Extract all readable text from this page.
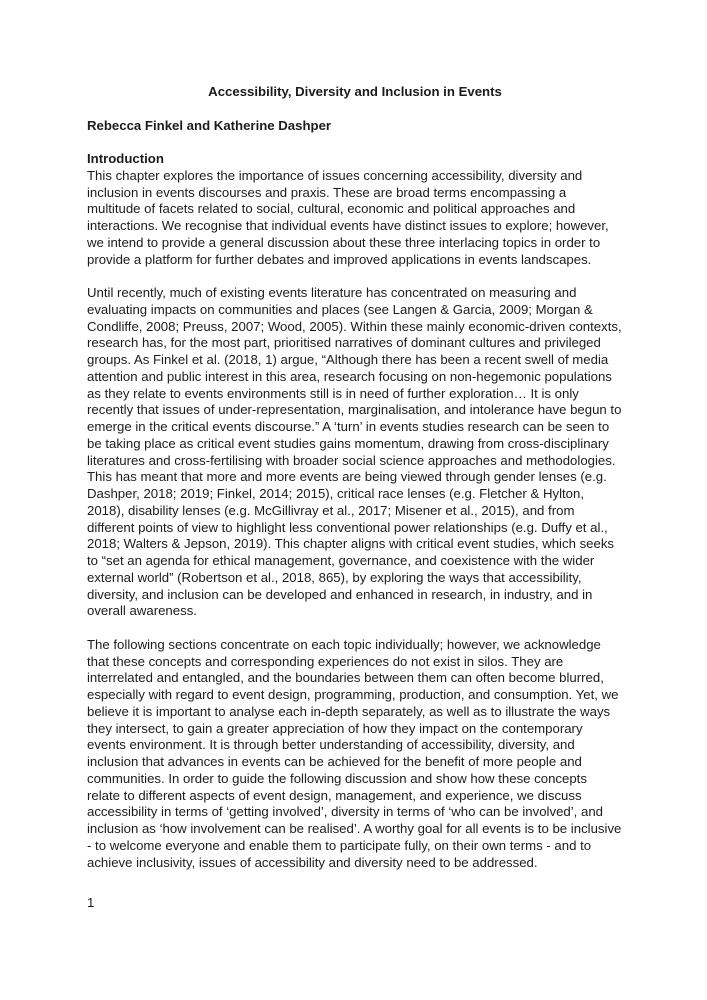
Accessibility, Diversity and Inclusion in Events
Rebecca Finkel and Katherine Dashper
Introduction

This chapter explores the importance of issues concerning accessibility, diversity and inclusion in events discourses and praxis. These are broad terms encompassing a multitude of facets related to social, cultural, economic and political approaches and interactions. We recognise that individual events have distinct issues to explore; however, we intend to provide a general discussion about these three interlacing topics in order to provide a platform for further debates and improved applications in events landscapes.

Until recently, much of existing events literature has concentrated on measuring and evaluating impacts on communities and places (see Langen & Garcia, 2009; Morgan & Condliffe, 2008; Preuss, 2007; Wood, 2005). Within these mainly economic-driven contexts, research has, for the most part, prioritised narratives of dominant cultures and privileged groups. As Finkel et al. (2018, 1) argue, “Although there has been a recent swell of media attention and public interest in this area, research focusing on non-hegemonic populations as they relate to events environments still is in need of further exploration… It is only recently that issues of under-representation, marginalisation, and intolerance have begun to emerge in the critical events discourse.” A ‘turn’ in events studies research can be seen to be taking place as critical event studies gains momentum, drawing from cross-disciplinary literatures and cross-fertilising with broader social science approaches and methodologies. This has meant that more and more events are being viewed through gender lenses (e.g. Dashper, 2018; 2019; Finkel, 2014; 2015), critical race lenses (e.g. Fletcher & Hylton, 2018), disability lenses (e.g. McGillivray et al., 2017; Misener et al., 2015), and from different points of view to highlight less conventional power relationships (e.g. Duffy et al., 2018; Walters & Jepson, 2019). This chapter aligns with critical event studies, which seeks to “set an agenda for ethical management, governance, and coexistence with the wider external world” (Robertson et al., 2018, 865), by exploring the ways that accessibility, diversity, and inclusion can be developed and enhanced in research, in industry, and in overall awareness.

The following sections concentrate on each topic individually; however, we acknowledge that these concepts and corresponding experiences do not exist in silos. They are interrelated and entangled, and the boundaries between them can often become blurred, especially with regard to event design, programming, production, and consumption. Yet, we believe it is important to analyse each in-depth separately, as well as to illustrate the ways they intersect, to gain a greater appreciation of how they impact on the contemporary events environment. It is through better understanding of accessibility, diversity, and inclusion that advances in events can be achieved for the benefit of more people and communities. In order to guide the following discussion and show how these concepts relate to different aspects of event design, management, and experience, we discuss accessibility in terms of ‘getting involved’, diversity in terms of ‘who can be involved’, and inclusion as ‘how involvement can be realised’. A worthy goal for all events is to be inclusive - to welcome everyone and enable them to participate fully, on their own terms - and to achieve inclusivity, issues of accessibility and diversity need to be addressed.

1
